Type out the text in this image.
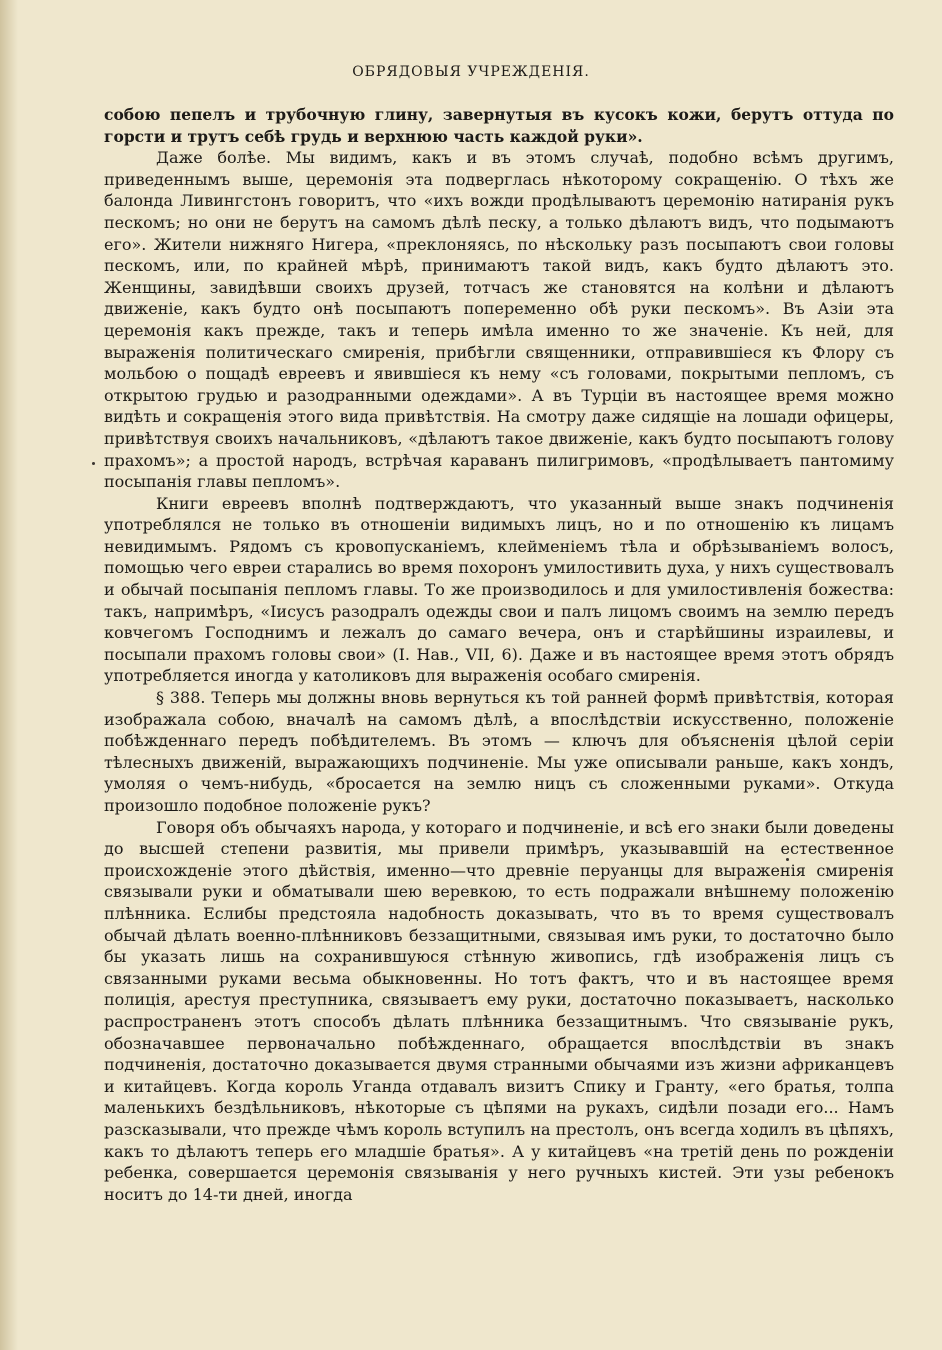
ОБРЯДОВЫЯ УЧРЕЖДЕНІЯ.

собою пепелъ и трубочную глину, завернутыя въ кусокъ кожи, берутъ оттуда по горсти и трутъ себѣ грудь и верхнюю часть каждой руки».

Даже болѣе. Мы видимъ, какъ и въ этомъ случаѣ, подобно всѣмъ другимъ, приведеннымъ выше, церемонія эта подверглась нѣкоторому сокращенію. О тѣхъ же балонда Ливингстонъ говоритъ, что «ихъ вожди продѣлываютъ церемонію натиранія рукъ пескомъ; но они не берутъ на самомъ дѣлѣ песку, а только дѣлаютъ видъ, что подымаютъ его». Жители нижняго Нигера, «преклоняясь, по нѣскольку разъ посыпаютъ свои головы пескомъ, или, по крайней мѣрѣ, принимаютъ такой видъ, какъ будто дѣлаютъ это. Женщины, завидѣвши своихъ друзей, тотчасъ же становятся на колѣни и дѣлаютъ движеніе, какъ будто онѣ посыпаютъ попеременно обѣ руки пескомъ». Въ Азіи эта церемонія какъ прежде, такъ и теперь имѣла именно то же значеніе. Къ ней, для выраженія политическаго смиренія, прибѣгли священники, отправившіеся къ Флору съ мольбою о пощадѣ евреевъ и явившіеся къ нему «съ головами, покрытыми пепломъ, съ открытою грудью и разодранными одеждами». А въ Турціи въ настоящее время можно видѣть и сокращенія этого вида привѣтствія. На смотру даже сидящіе на лошади офицеры, привѣтствуя своихъ начальниковъ, «дѣлаютъ такое движеніе, какъ будто посыпаютъ голову прахомъ»; а простой народъ, встрѣчая караванъ пилигримовъ, «продѣлываетъ пантомиму посыпанія главы пепломъ».

Книги евреевъ вполнѣ подтверждаютъ, что указанный выше знакъ подчиненія употреблялся не только въ отношеніи видимыхъ лицъ, но и по отношенію къ лицамъ невидимымъ. Рядомъ съ кровопусканіемъ, клейменіемъ тѣла и обрѣзываніемъ волосъ, помощью чего евреи старались во время похоронъ умилостивить духа, у нихъ существовалъ и обычай посыпанія пепломъ главы. То же производилось и для умилостивленія божества: такъ, напримѣръ, «Іисусъ разодралъ одежды свои и палъ лицомъ своимъ на землю передъ ковчегомъ Господнимъ и лежалъ до самаго вечера, онъ и старѣйшины израилевы, и посыпали прахомъ головы свои» (І. Нав., VII, 6). Даже и въ настоящее время этотъ обрядъ употребляется иногда у католиковъ для выраженія особаго смиренія.

§ 388. Теперь мы должны вновь вернуться къ той ранней формѣ привѣтствія, которая изображала собою, вначалѣ на самомъ дѣлѣ, а впослѣдствіи искусственно, положеніе побѣжденнаго передъ побѣдителемъ. Въ этомъ — ключъ для объясненія цѣлой серіи тѣлесныхъ движеній, выражающихъ подчиненіе. Мы уже описывали раньше, какъ хондъ, умоляя о чемъ-нибудь, «бросается на землю ницъ съ сложенными руками». Откуда произошло подобное положеніе рукъ?

Говоря объ обычаяхъ народа, у котораго и подчиненіе, и всѣ его знаки были доведены до высшей степени развитія, мы привели примѣръ, указывавшій на естественное происхожденіе этого дѣйствія, именно—что древніе перуанцы для выраженія смиренія связывали руки и обматывали шею веревкою, то есть подражали внѣшнему положенію плѣнника. Еслибы предстояла надобность доказывать, что въ то время существовалъ обычай дѣлать военно-плѣнниковъ беззащитными, связывая имъ руки, то достаточно было бы указать лишь на сохранившуюся стѣнную живопись, гдѣ изображенія лицъ съ связанными руками весьма обыкновенны. Но тотъ фактъ, что и въ настоящее время полиція, арестуя преступника, связываетъ ему руки, достаточно показываетъ, насколько распространенъ этотъ способъ дѣлать плѣнника беззащитнымъ. Что связываніе рукъ, обозначавшее первоначально побѣжденнаго, обращается впослѣдствіи въ знакъ подчиненія, достаточно доказывается двумя странными обычаями изъ жизни африканцевъ и китайцевъ. Когда король Уганда отдавалъ визитъ Спику и Гранту, «его братья, толпа маленькихъ бездѣльниковъ, нѣкоторые съ цѣпями на рукахъ, сидѣли позади его... Намъ разсказывали, что прежде чѣмъ король вступилъ на престолъ, онъ всегда ходилъ въ цѣпяхъ, какъ то дѣлаютъ теперь его младшіе братья». А у китайцевъ «на третій день по рожденіи ребенка, совершается церемонія связыванія у него ручныхъ кистей. Эти узы ребенокъ носитъ до 14-ти дней, иногда
